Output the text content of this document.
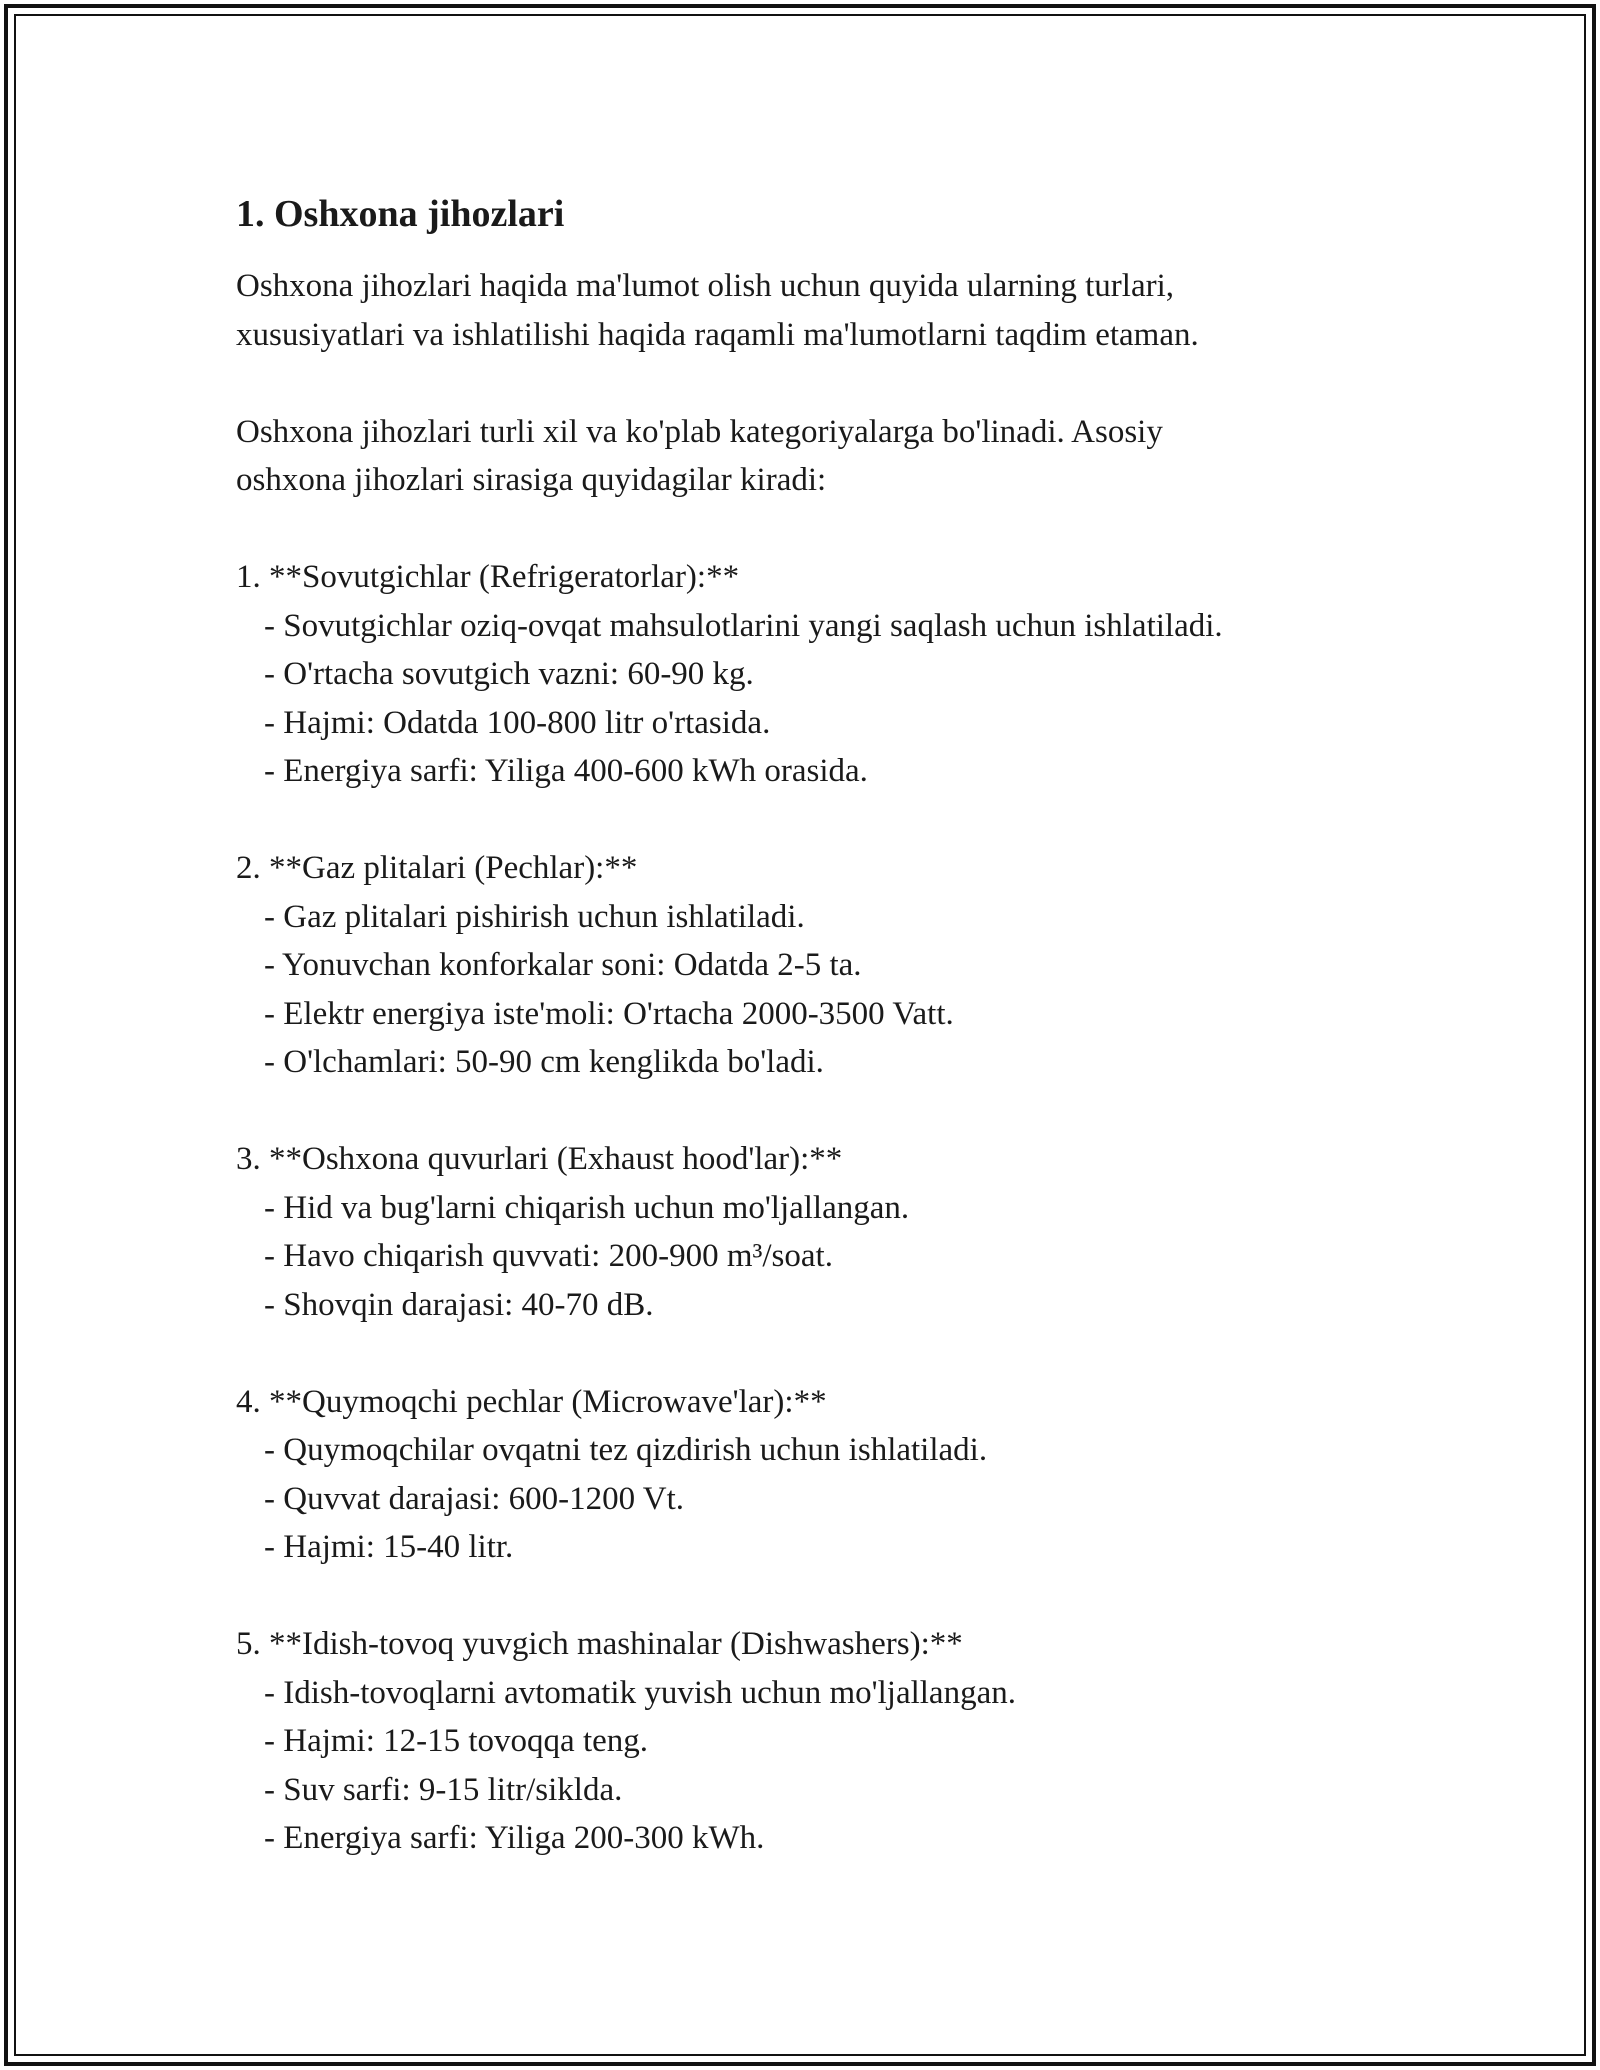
1. Oshxona jihozlari

Oshxona jihozlari haqida ma'lumot olish uchun quyida ularning turlari,
xususiyatlari va ishlatilishi haqida raqamli ma'lumotlarni taqdim etaman.

Oshxona jihozlari turli xil va ko'plab kategoriyalarga bo'linadi. Asosiy
oshxona jihozlari sirasiga quyidagilar kiradi:

1. **Sovutgichlar (Refrigeratorlar):**

- Sovutgichlar oziq-ovqat mahsulotlarini yangi saqlash uchun ishlatiladi.

- O'rtacha sovutgich vazni: 60-90 kg.

- Hajmi: Odatda 100-800 litr o'rtasida.

- Energiya sarfi: Yiliga 400-600 kWh orasida.

2. **Gaz plitalari (Pechlar):**

- Gaz plitalari pishirish uchun ishlatiladi.

- Yonuvchan konforkalar soni: Odatda 2-5 ta.

- Elektr energiya iste'moli: O'rtacha 2000-3500 Vatt.

- O'lchamlari: 50-90 cm kenglikda bo'ladi.

3. **Oshxona quvurlari (Exhaust hood'lar):**

- Hid va bug'larni chiqarish uchun mo'ljallangan.

- Havo chiqarish quvvati: 200-900 m³/soat.

- Shovqin darajasi: 40-70 dB.

4. **Quymoqchi pechlar (Microwave'lar):**

- Quymoqchilar ovqatni tez qizdirish uchun ishlatiladi.

- Quvvat darajasi: 600-1200 Vt.

- Hajmi: 15-40 litr.

5. **Idish-tovoq yuvgich mashinalar (Dishwashers):**

- Idish-tovoqlarni avtomatik yuvish uchun mo'ljallangan.

- Hajmi: 12-15 tovoqqa teng.

- Suv sarfi: 9-15 litr/siklda.

- Energiya sarfi: Yiliga 200-300 kWh.
